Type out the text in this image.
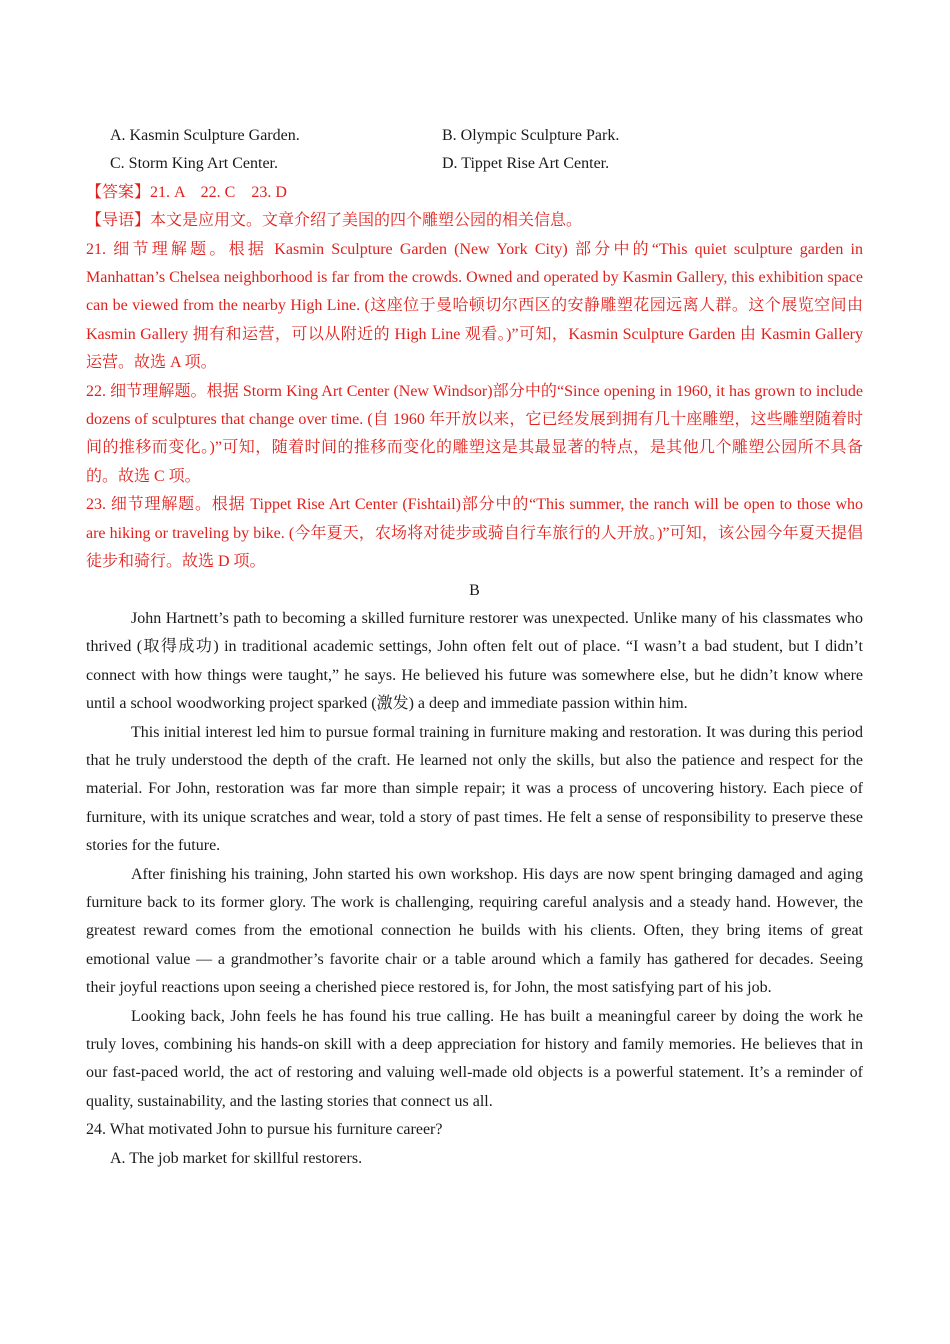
A. Kasmin Sculpture Garden.	B. Olympic Sculpture Park.
C. Storm King Art Center.	D. Tippet Rise Art Center.

【答案】21. A    22. C    23. D

【导语】本文是应用文。文章介绍了美国的四个雕塑公园的相关信息。

21. 细节理解题。根据 Kasmin Sculpture Garden (New York City) 部分中的“This quiet sculpture garden in Manhattan’s Chelsea neighborhood is far from the crowds. Owned and operated by Kasmin Gallery, this exhibition space can be viewed from the nearby High Line. (这座位于曼哈顿切尔西区的安静雕塑花园远离人群。这个展览空间由 Kasmin Gallery 拥有和运营，可以从附近的 High Line 观看。)”可知，Kasmin Sculpture Garden 由 Kasmin Gallery 运营。故选 A 项。

22. 细节理解题。根据 Storm King Art Center (New Windsor)部分中的“Since opening in 1960, it has grown to include dozens of sculptures that change over time. (自 1960 年开放以来，它已经发展到拥有几十座雕塑，这些雕塑随着时间的推移而变化。)”可知，随着时间的推移而变化的雕塑这是其最显著的特点，是其他几个雕塑公园所不具备的。故选 C 项。

23. 细节理解题。根据 Tippet Rise Art Center (Fishtail)部分中的“This summer, the ranch will be open to those who are hiking or traveling by bike. (今年夏天，农场将对徒步或骑自行车旅行的人开放。)”可知，该公园今年夏天提倡徒步和骑行。故选 D 项。

B

John Hartnett’s path to becoming a skilled furniture restorer was unexpected. Unlike many of his classmates who thrived (取得成功) in traditional academic settings, John often felt out of place. “I wasn’t a bad student, but I didn’t connect with how things were taught,” he says. He believed his future was somewhere else, but he didn’t know where until a school woodworking project sparked (激发) a deep and immediate passion within him.

This initial interest led him to pursue formal training in furniture making and restoration. It was during this period that he truly understood the depth of the craft. He learned not only the skills, but also the patience and respect for the material. For John, restoration was far more than simple repair; it was a process of uncovering history. Each piece of furniture, with its unique scratches and wear, told a story of past times. He felt a sense of responsibility to preserve these stories for the future.

After finishing his training, John started his own workshop. His days are now spent bringing damaged and aging furniture back to its former glory. The work is challenging, requiring careful analysis and a steady hand. However, the greatest reward comes from the emotional connection he builds with his clients. Often, they bring items of great emotional value — a grandmother’s favorite chair or a table around which a family has gathered for decades. Seeing their joyful reactions upon seeing a cherished piece restored is, for John, the most satisfying part of his job.

Looking back, John feels he has found his true calling. He has built a meaningful career by doing the work he truly loves, combining his hands-on skill with a deep appreciation for history and family memories. He believes that in our fast-paced world, the act of restoring and valuing well-made old objects is a powerful statement. It’s a reminder of quality, sustainability, and the lasting stories that connect us all.

24. What motivated John to pursue his furniture career?

A. The job market for skillful restorers.
